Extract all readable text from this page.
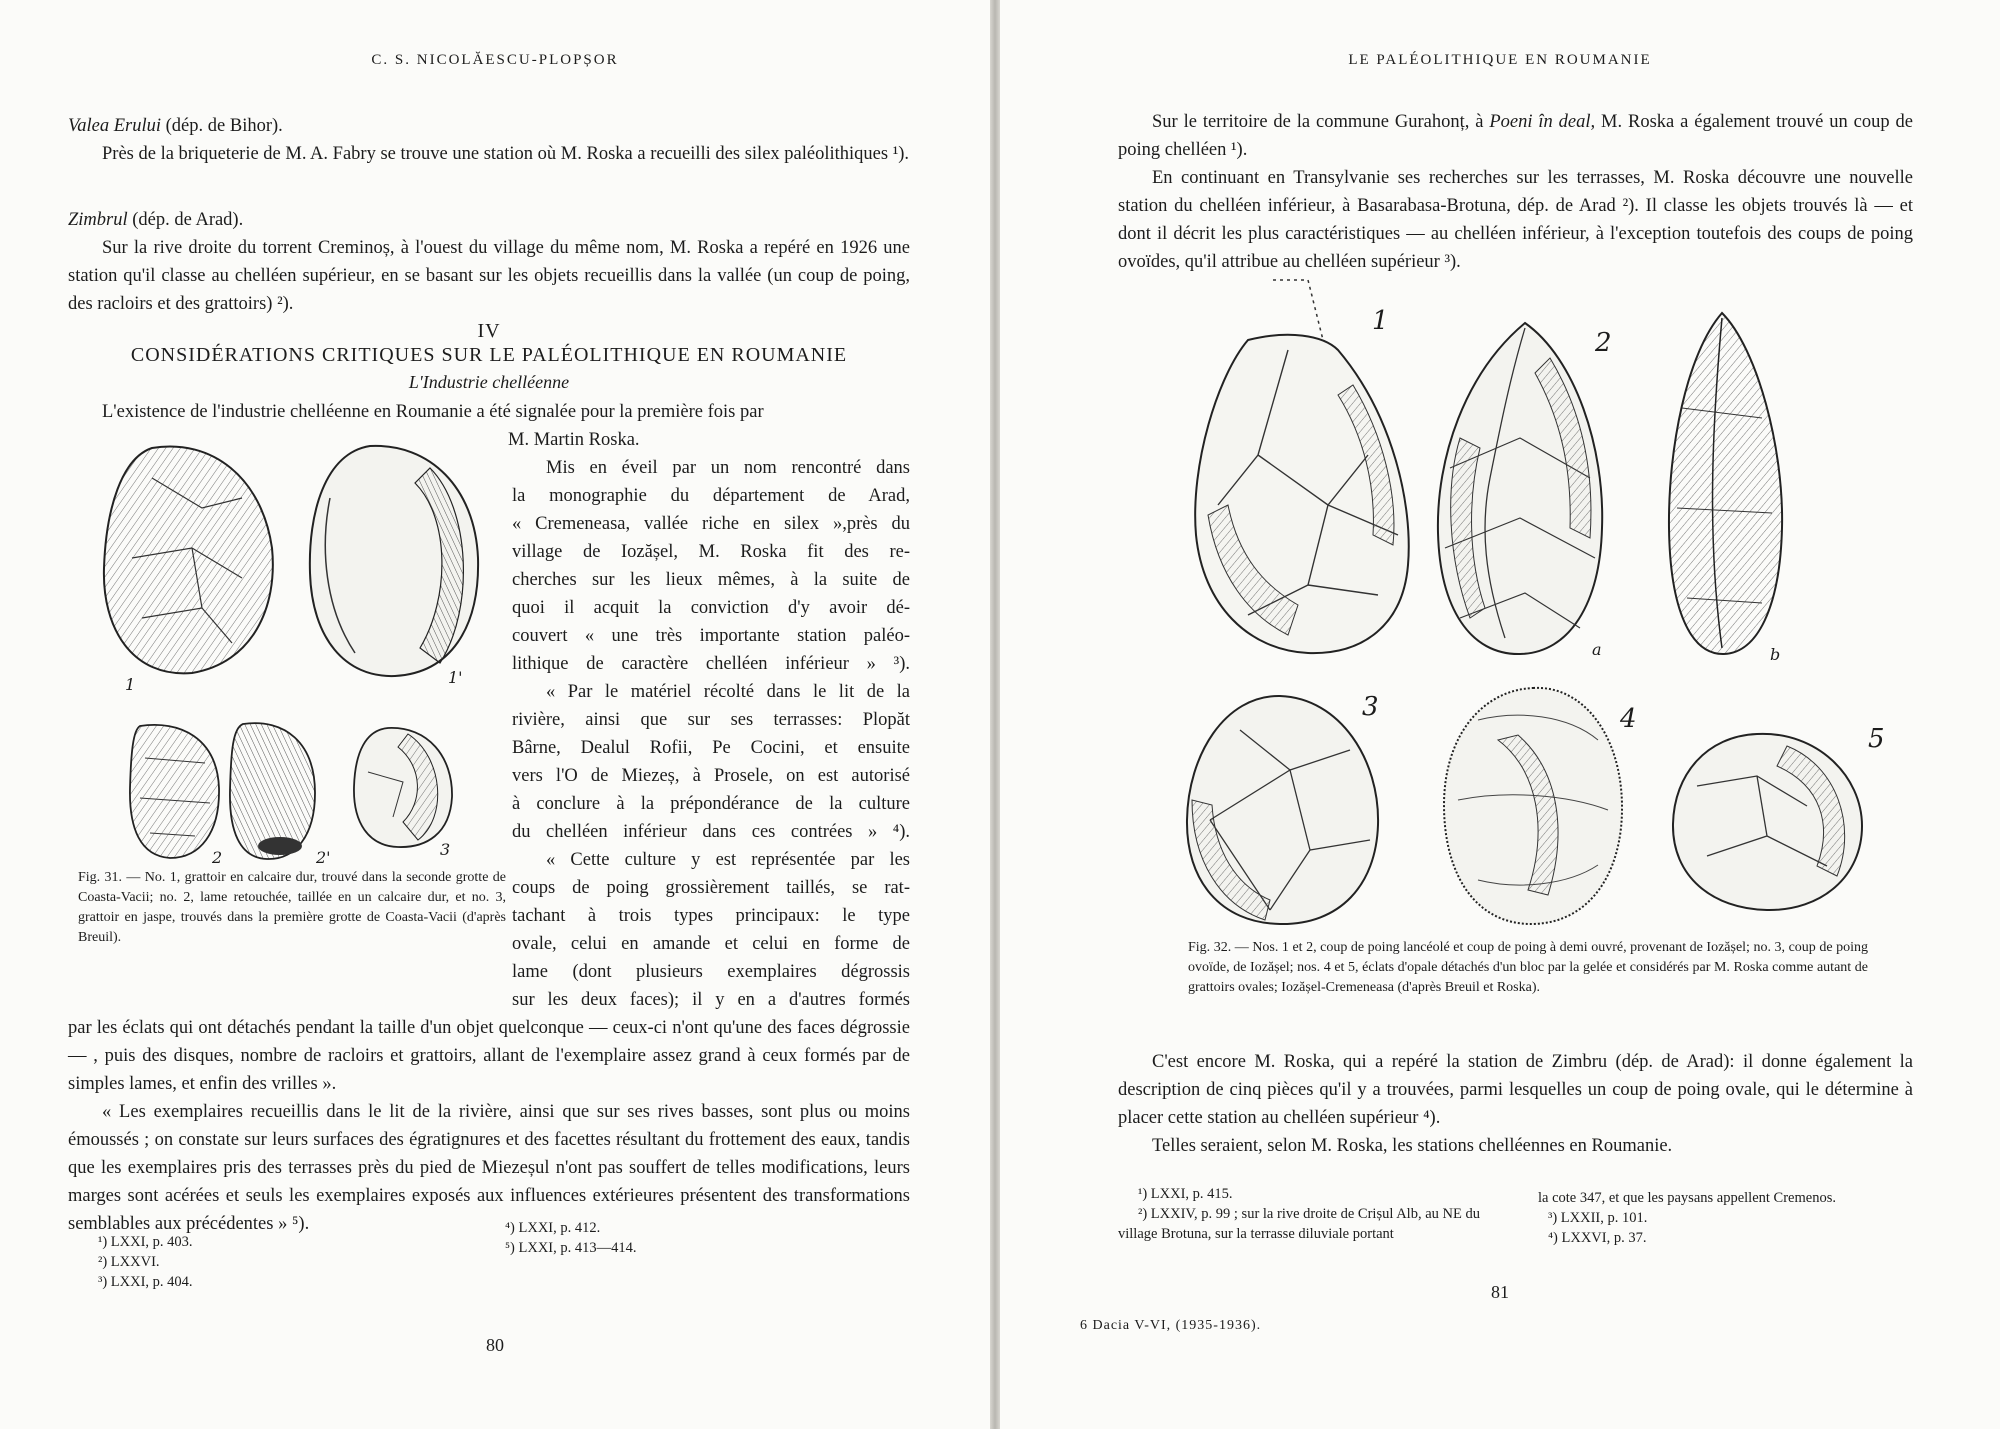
C. S. NICOLĂESCU-PLOPȘOR
Valea Erului (dép. de Bihor).
Près de la briqueterie de M. A. Fabry se trouve une station où M. Roska a recueilli des silex paléolithiques ¹).
Zimbrul (dép. de Arad).
Sur la rive droite du torrent Creminoș, à l'ouest du village du même nom, M. Roska a repéré en 1926 une station qu'il classe au chelléen supérieur, en se basant sur les objets recueillis dans la vallée (un coup de poing, des racloirs et des grattoirs) ²).
IV
CONSIDÉRATIONS CRITIQUES SUR LE PALÉOLITHIQUE EN ROUMANIE
L'Industrie chelléenne
L'existence de l'industrie chelléenne en Roumanie a été signalée pour la première fois par
M. Martin Roska.
1	1'
2	2'	3
Fig. 31. — No. 1, grattoir en calcaire dur, trouvé dans la seconde grotte de Coasta-Vacii; no. 2, lame retouchée, taillée en un calcaire dur, et no. 3, grattoir en jaspe, trouvés dans la première grotte de Coasta-Vacii (d'après Breuil).
Mis en éveil par un nom rencontré dans
la monographie du département de Arad,
« Cremeneasa, vallée riche en silex »,près du
village de Iozășel, M. Roska fit des re-
cherches sur les lieux mêmes, à la suite de
quoi il acquit la conviction d'y avoir dé-
couvert « une très importante station paléo-
lithique de caractère chelléen inférieur » ³).
« Par le matériel récolté dans le lit de la
rivière, ainsi que sur ses terrasses: Plopăt
Bârne, Dealul Rofii, Pe Cocini, et ensuite
vers l'O de Miezeș, à Prosele, on est autorisé
à conclure à la prépondérance de la culture
du chelléen inférieur dans ces contrées » ⁴).
« Cette culture y est représentée par les
coups de poing grossièrement taillés, se rat-
tachant à trois types principaux: le type
ovale, celui en amande et celui en forme de
lame (dont plusieurs exemplaires dégrossis
sur les deux faces); il y en a d'autres formés
par les éclats qui ont détachés pendant la taille d'un objet quelconque — ceux-ci n'ont qu'une des faces dégrossie — , puis des disques, nombre de racloirs et grattoirs, allant de l'exemplaire assez grand à ceux formés par de simples lames, et enfin des vrilles ».
« Les exemplaires recueillis dans le lit de la rivière, ainsi que sur ses rives basses, sont plus ou moins émoussés ; on constate sur leurs surfaces des égratignures et des facettes résultant du frottement des eaux, tandis que les exemplaires pris des terrasses près du pied de Miezeșul n'ont pas souffert de telles modifications, leurs marges sont acérées et seuls les exemplaires exposés aux influences extérieures présentent des transformations semblables aux précédentes » ⁵).
¹) LXXI, p. 403.
²) LXXVI.
³) LXXI, p. 404.
⁴) LXXI, p. 412.
⁵) LXXI, p. 413—414.
80
LE PALÉOLITHIQUE EN ROUMANIE
Sur le territoire de la commune Gurahonț, à Poeni în deal, M. Roska a également trouvé un coup de poing chelléen ¹).
En continuant en Transylvanie ses recherches sur les terrasses, M. Roska découvre une nouvelle station du chelléen inférieur, à Basarabasa-Brotuna, dép. de Arad ²). Il classe les objets trouvés là — et dont il décrit les plus caractéristiques — au chelléen inférieur, à l'exception toutefois des coups de poing ovoïdes, qu'il attribue au chelléen supérieur ³).
1
2
a	b
3	4
5
Fig. 32. — Nos. 1 et 2, coup de poing lancéolé et coup de poing à demi ouvré, provenant de Iozășel; no. 3, coup de poing ovoïde, de Iozășel; nos. 4 et 5, éclats d'opale détachés d'un bloc par la gelée et considérés par M. Roska comme autant de grattoirs ovales; Iozășel-Cremeneasa (d'après Breuil et Roska).
C'est encore M. Roska, qui a repéré la station de Zimbru (dép. de Arad): il donne également la description de cinq pièces qu'il y a trouvées, parmi lesquelles un coup de poing ovale, qui le détermine à placer cette station au chelléen supérieur ⁴).
Telles seraient, selon M. Roska, les stations chelléennes en Roumanie.
¹) LXXI, p. 415.
²) LXXIV, p. 99 ; sur la rive droite de Crișul Alb, au NE du village Brotuna, sur la terrasse diluviale portant
la cote 347, et que les paysans appellent Cremenos.
³) LXXII, p. 101.
⁴) LXXVI, p. 37.
81
6 Dacia V-VI, (1935-1936).
